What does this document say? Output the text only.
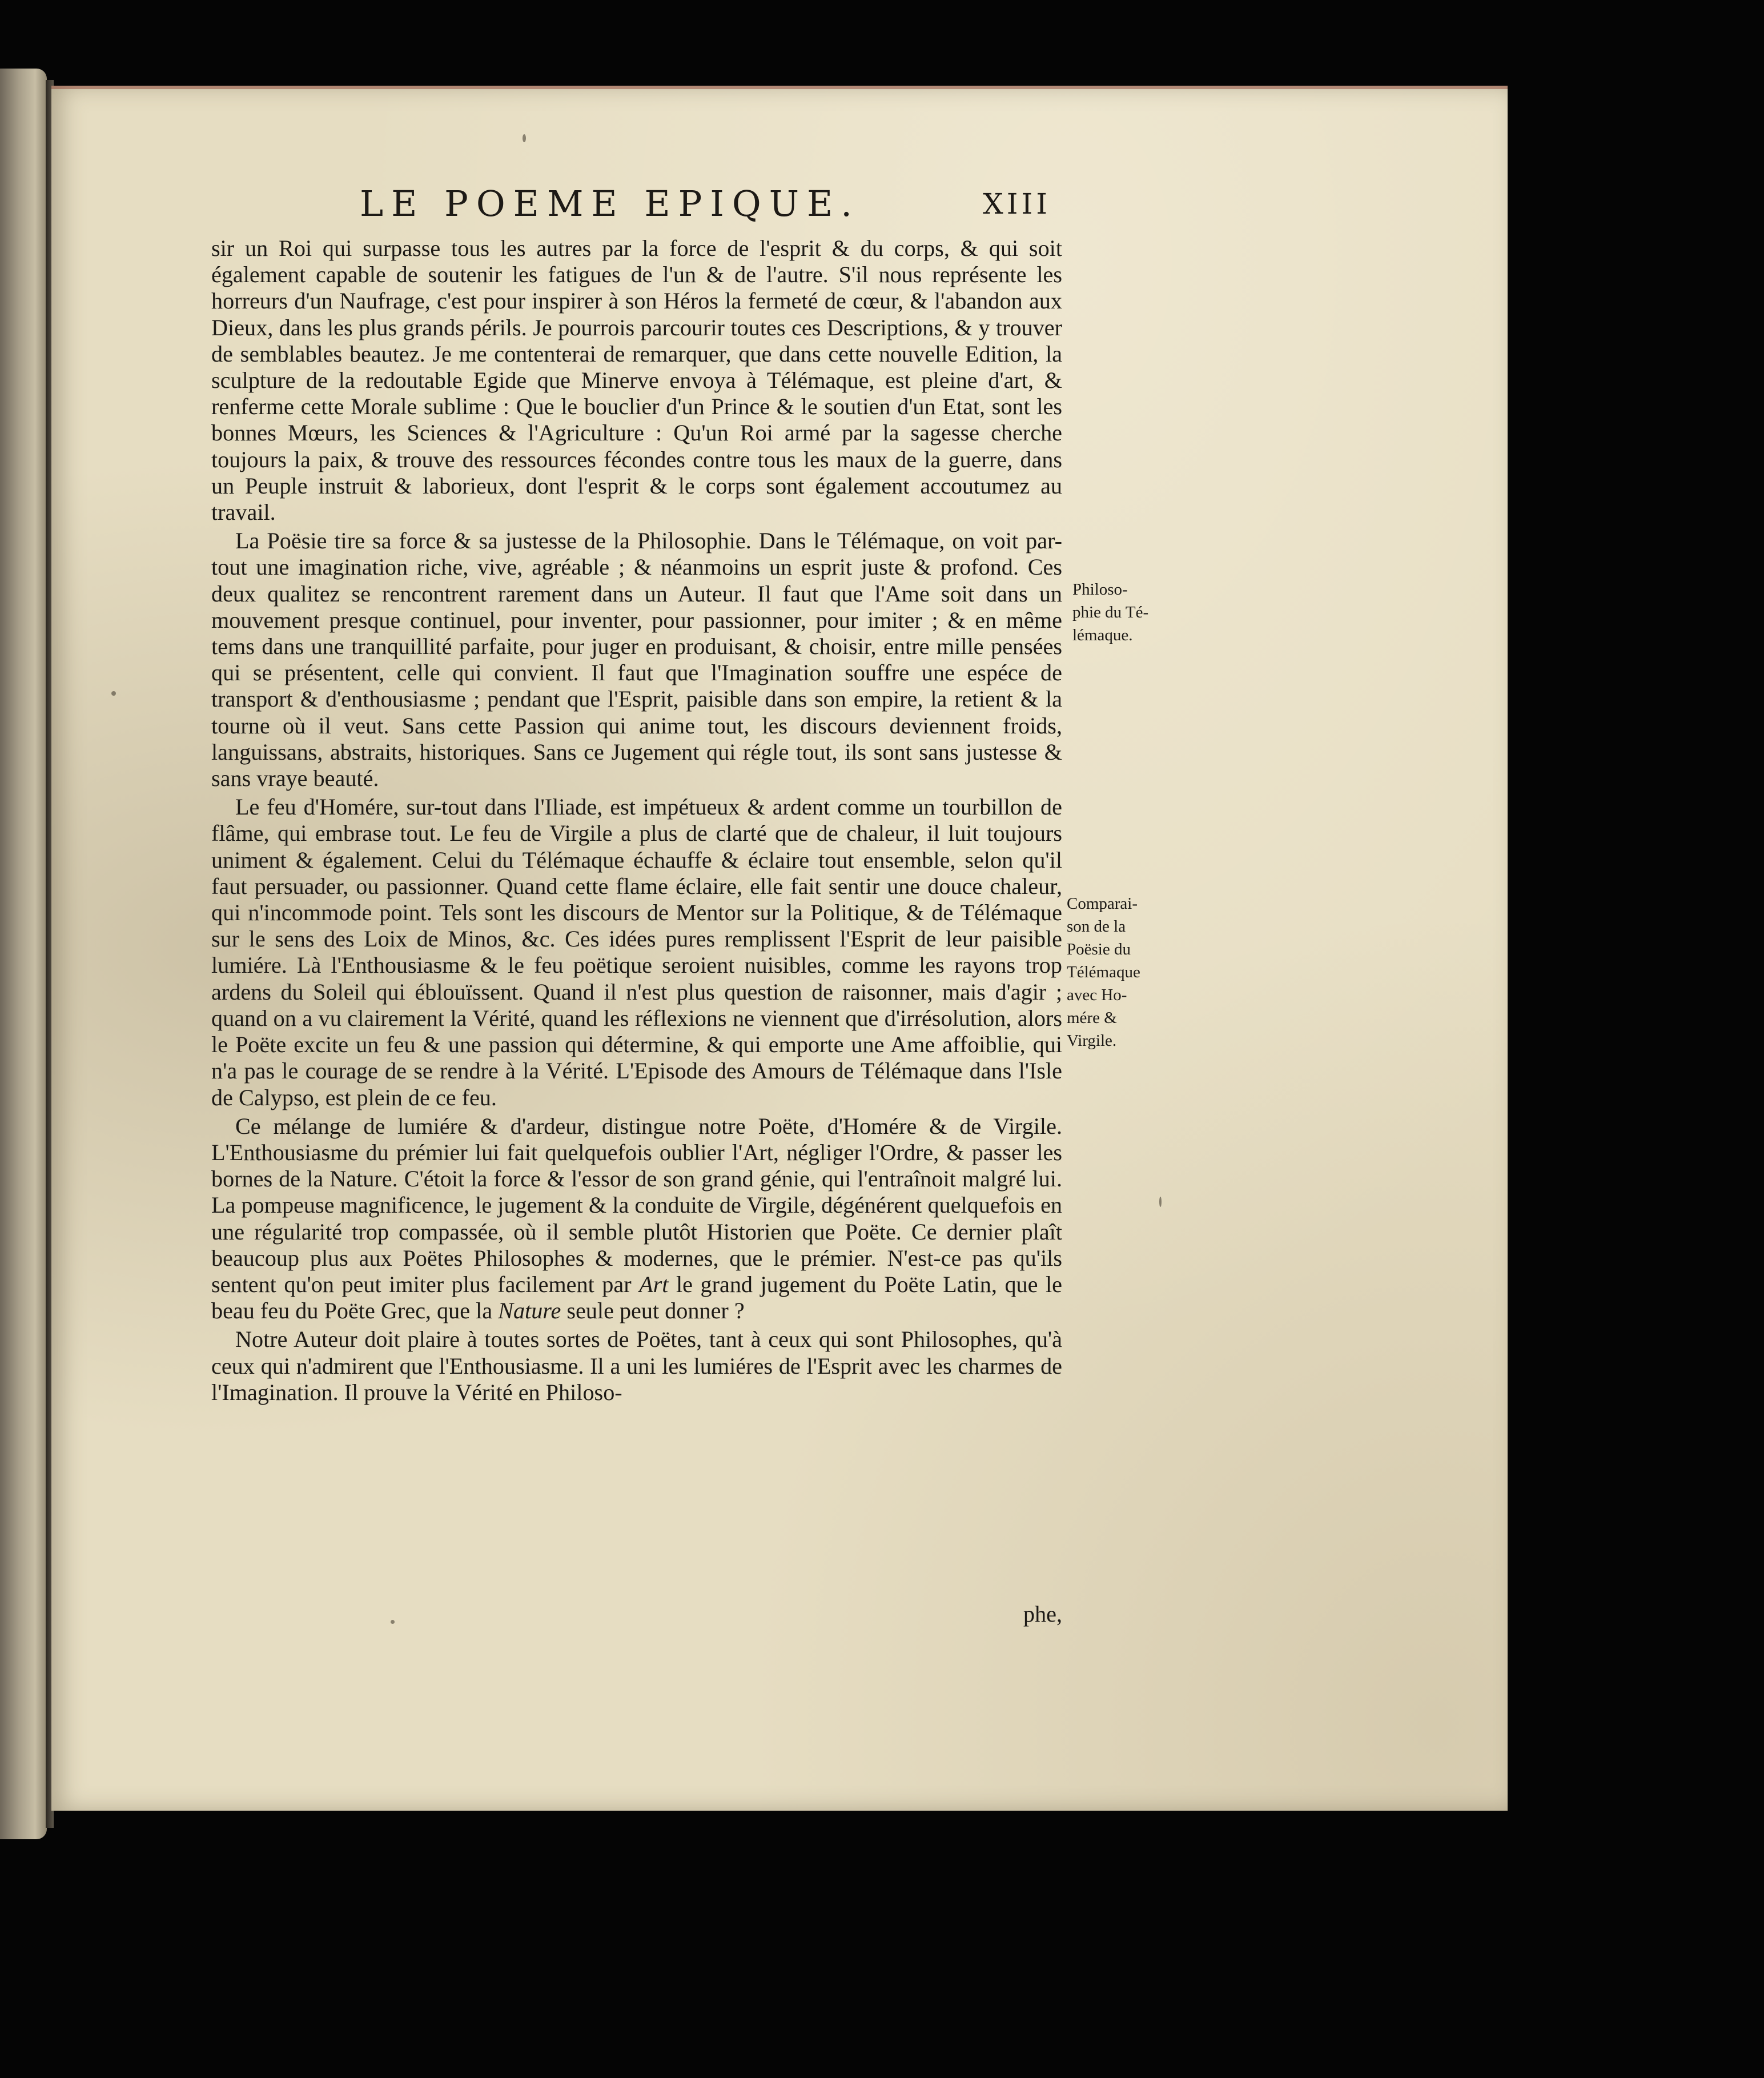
LE POEME EPIQUE.	XIII

sir un Roi qui surpasse tous les autres par la force de l'esprit & du corps, & qui soit également capable de soutenir les fatigues de l'un & de l'autre. S'il nous représente les horreurs d'un Naufrage, c'est pour inspirer à son Héros la fermeté de cœur, & l'abandon aux Dieux, dans les plus grands périls. Je pourrois parcourir toutes ces Descriptions, & y trouver de semblables beautez. Je me contenterai de remarquer, que dans cette nouvelle Edition, la sculpture de la redoutable Egide que Minerve envoya à Télémaque, est pleine d'art, & renferme cette Morale sublime : Que le bouclier d'un Prince & le soutien d'un Etat, sont les bonnes Mœurs, les Sciences & l'Agriculture : Qu'un Roi armé par la sagesse cherche toujours la paix, & trouve des ressources fécondes contre tous les maux de la guerre, dans un Peuple instruit & laborieux, dont l'esprit & le corps sont également accoutumez au travail.

La Poësie tire sa force & sa justesse de la Philosophie. Dans le Télémaque, on voit par-tout une imagination riche, vive, agréable ; & néanmoins un esprit juste & profond. Ces deux qualitez se rencontrent rarement dans un Auteur. Il faut que l'Ame soit dans un mouvement presque continuel, pour inventer, pour passionner, pour imiter ; & en même tems dans une tranquillité parfaite, pour juger en produisant, & choisir, entre mille pensées qui se présentent, celle qui convient. Il faut que l'Imagination souffre une espéce de transport & d'enthousiasme ; pendant que l'Esprit, paisible dans son empire, la retient & la tourne où il veut. Sans cette Passion qui anime tout, les discours deviennent froids, languissans, abstraits, historiques. Sans ce Jugement qui régle tout, ils sont sans justesse & sans vraye beauté.

Le feu d'Homére, sur-tout dans l'Iliade, est impétueux & ardent comme un tourbillon de flâme, qui embrase tout. Le feu de Virgile a plus de clarté que de chaleur, il luit toujours uniment & également. Celui du Télémaque échauffe & éclaire tout ensemble, selon qu'il faut persuader, ou passionner. Quand cette flame éclaire, elle fait sentir une douce chaleur, qui n'incommode point. Tels sont les discours de Mentor sur la Politique, & de Télémaque sur le sens des Loix de Minos, &c. Ces idées pures remplissent l'Esprit de leur paisible lumiére. Là l'Enthousiasme & le feu poëtique seroient nuisibles, comme les rayons trop ardens du Soleil qui éblouïssent. Quand il n'est plus question de raisonner, mais d'agir ; quand on a vu clairement la Vérité, quand les réflexions ne viennent que d'irrésolution, alors le Poëte excite un feu & une passion qui détermine, & qui emporte une Ame affoiblie, qui n'a pas le courage de se rendre à la Vérité. L'Episode des Amours de Télémaque dans l'Isle de Calypso, est plein de ce feu.

Ce mélange de lumiére & d'ardeur, distingue notre Poëte, d'Homére & de Virgile. L'Enthousiasme du prémier lui fait quelquefois oublier l'Art, négliger l'Ordre, & passer les bornes de la Nature. C'étoit la force & l'essor de son grand génie, qui l'entraînoit malgré lui. La pompeuse magnificence, le jugement & la conduite de Virgile, dégénérent quelquefois en une régularité trop compassée, où il semble plutôt Historien que Poëte. Ce dernier plaît beaucoup plus aux Poëtes Philosophes & modernes, que le prémier. N'est-ce pas qu'ils sentent qu'on peut imiter plus facilement par Art le grand jugement du Poëte Latin, que le beau feu du Poëte Grec, que la Nature seule peut donner ?

Notre Auteur doit plaire à toutes sortes de Poëtes, tant à ceux qui sont Philosophes, qu'à ceux qui n'admirent que l'Enthousiasme. Il a uni les lumiéres de l'Esprit avec les charmes de l'Imagination. Il prouve la Vérité en Philoso-

phe,
Philoso-
phie du Té-
lémaque.
Comparai-
son de la
Poësie du
Télémaque
avec Ho-
mére &
Virgile.
